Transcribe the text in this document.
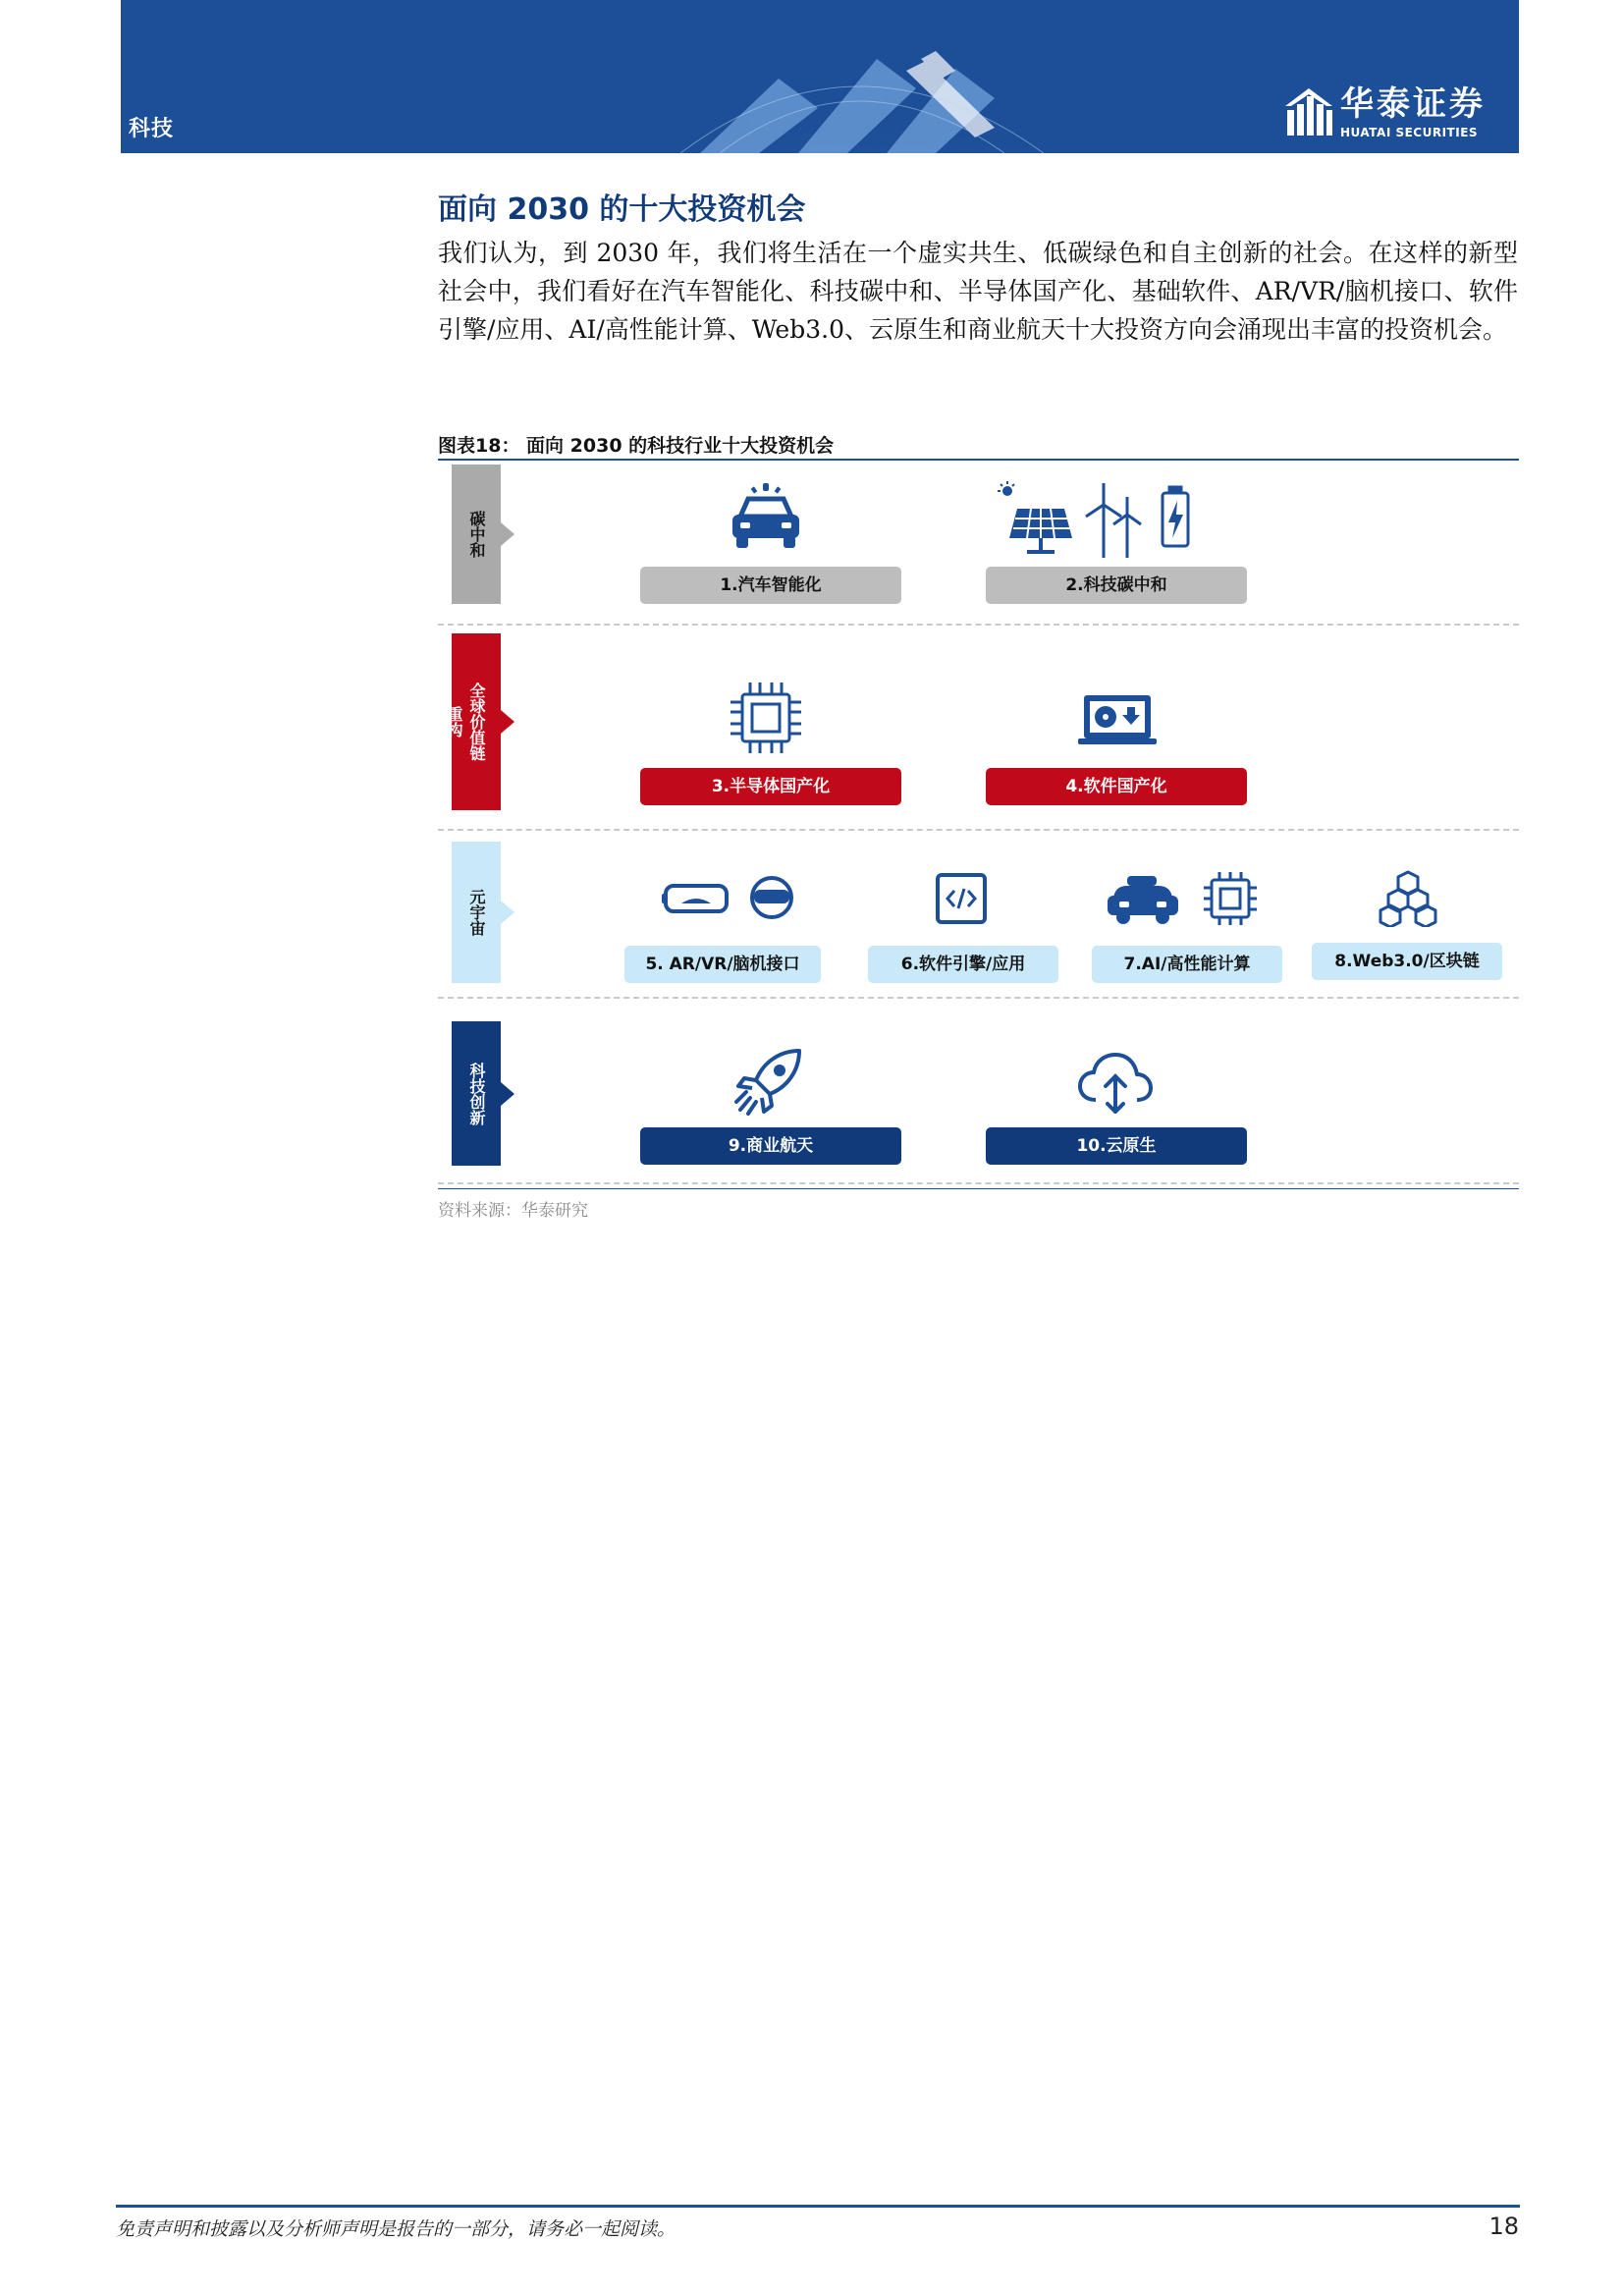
华泰证券
HUATAI SECURITIES
科技
面向 2030 的十大投资机会
我们认为，到 2030 年，我们将生活在一个虚实共生、低碳绿色和自主创新的社会。在这样的新型社会中，我们看好在汽车智能化、科技碳中和、半导体国产化、基础软件、AR/VR/脑机接口、软件引擎/应用、AI/高性能计算、Web3.0、云原生和商业航天十大投资方向会涌现出丰富的投资机会。
图表18： 面向 2030 的科技行业十大投资机会
碳中和
1.汽车智能化	2.科技碳中和
全球价值链重构
3.半导体国产化	4.软件国产化
元宇宙
5. AR/VR/脑机接口	6.软件引擎/应用	7.AI/高性能计算	8.Web3.0/区块链
科技创新
9.商业航天	10.云原生
资料来源：华泰研究
免责声明和披露以及分析师声明是报告的一部分，请务必一起阅读。	18
